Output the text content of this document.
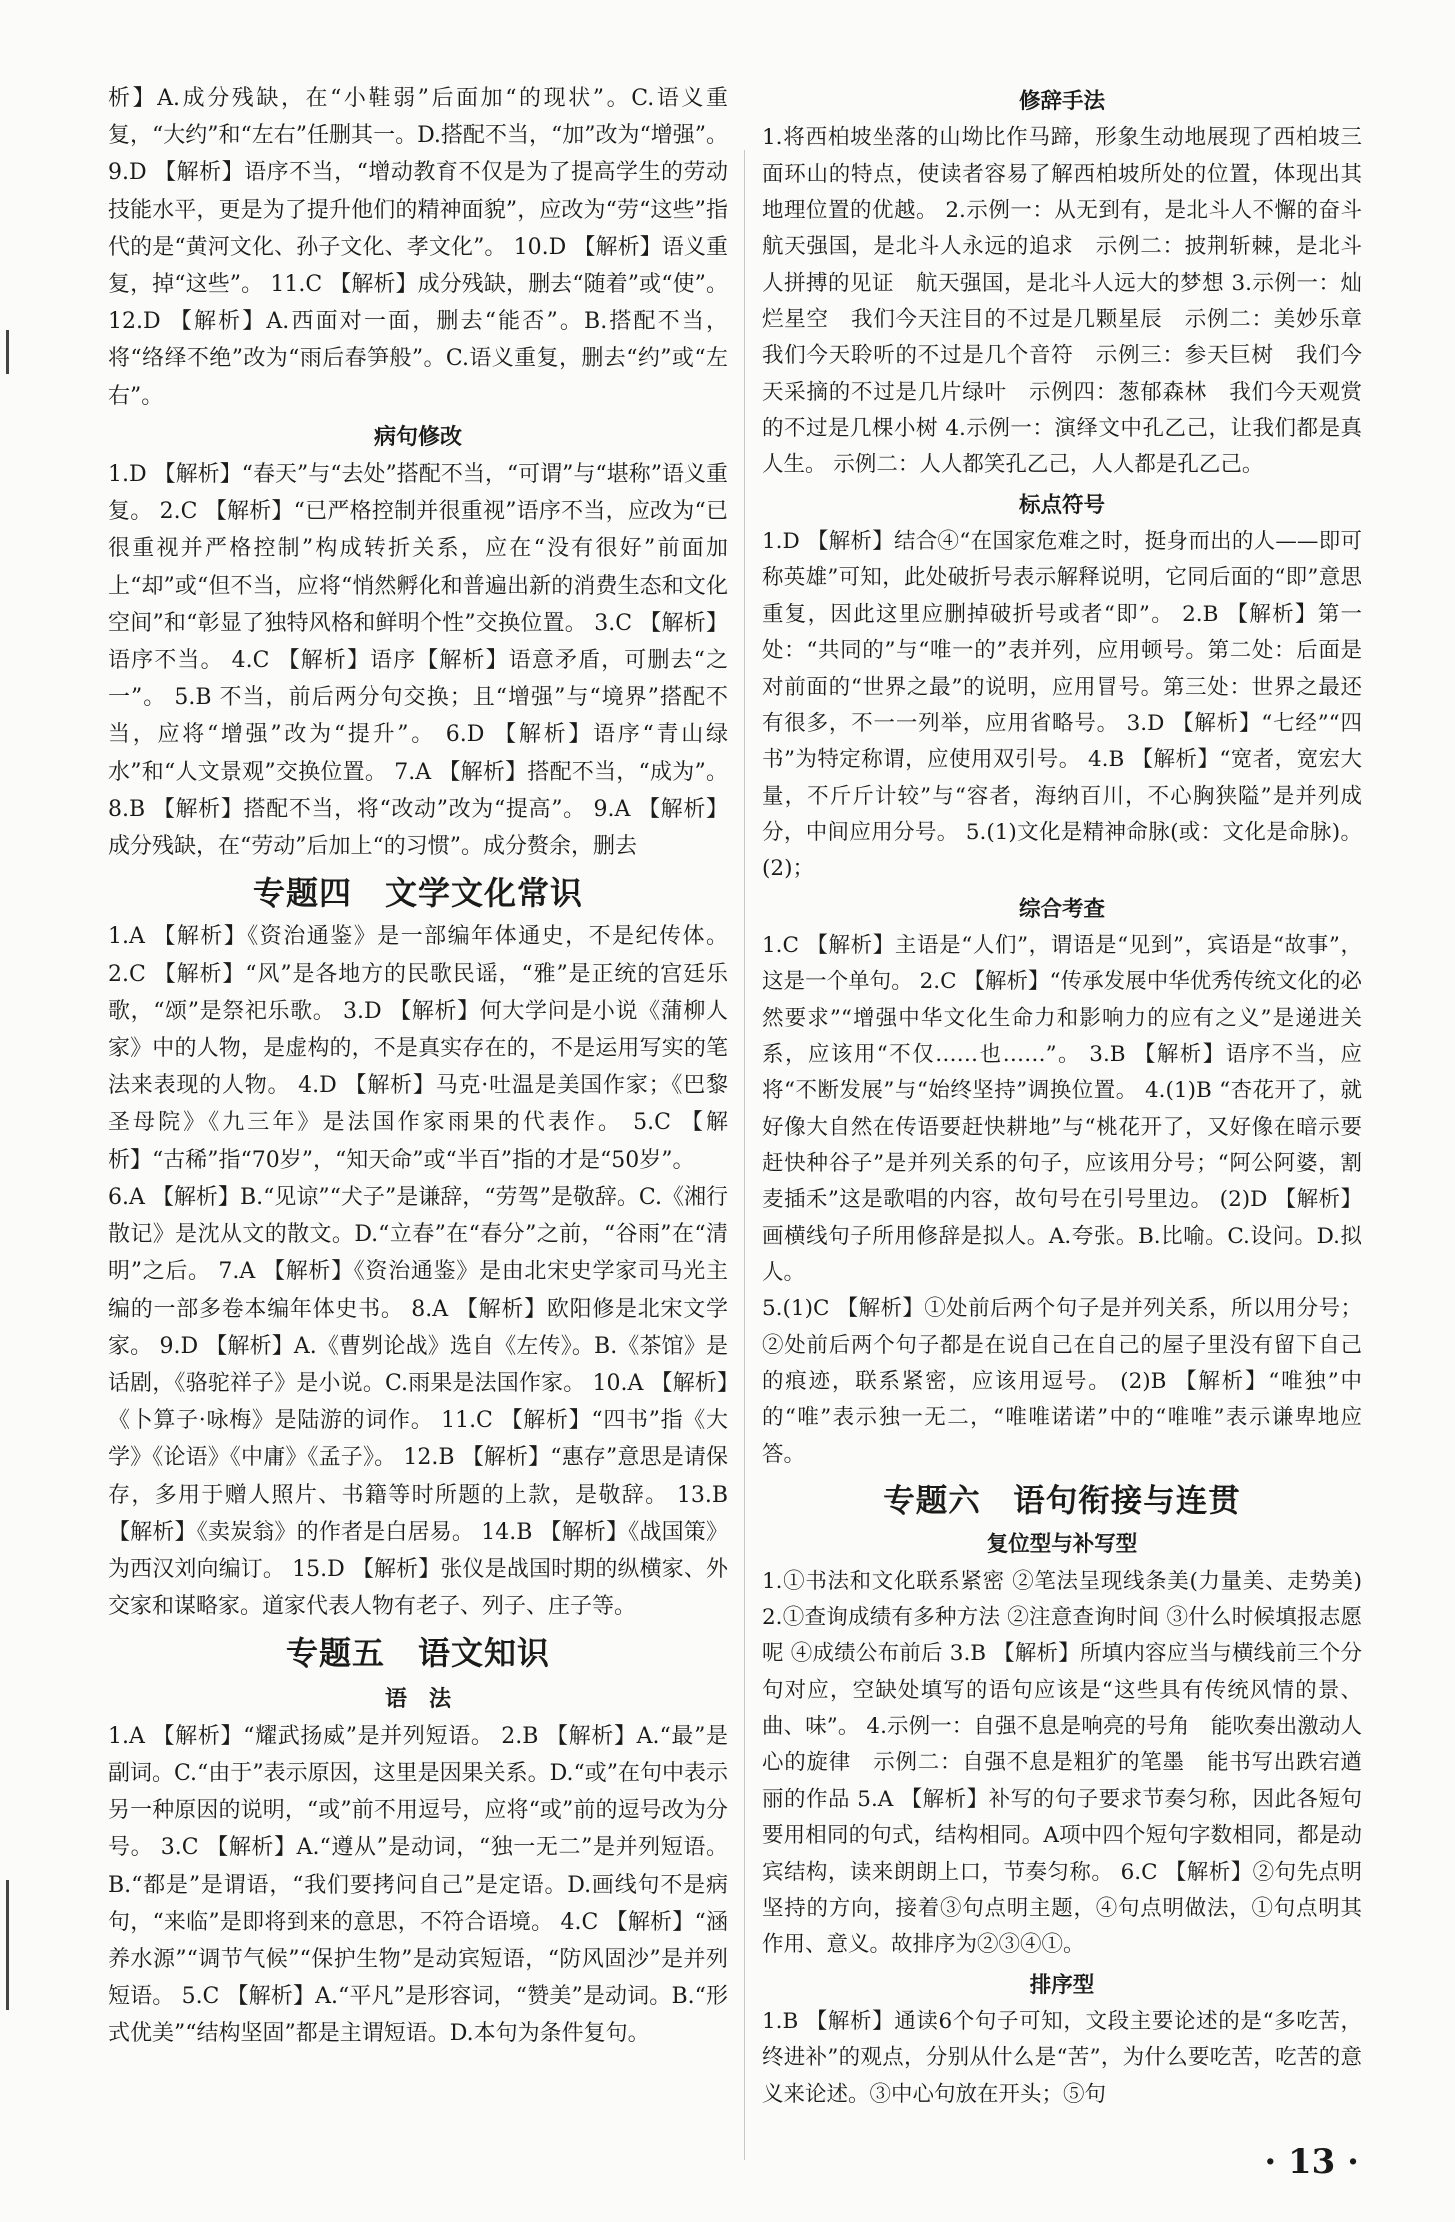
析】A.成分残缺，在“小鞋弱”后面加“的现状”。C.语义重复，“大约”和“左右”任删其一。D.搭配不当，“加”改为“增强”。 9.D 【解析】语序不当，“增动教育不仅是为了提高学生的劳动技能水平，更是为了提升他们的精神面貌”，应改为“劳“这些”指代的是“黄河文化、孙子文化、孝文化”。 10.D 【解析】语义重复，掉“这些”。 11.C 【解析】成分残缺，删去“随着”或“使”。 12.D 【解析】A.西面对一面，删去“能否”。B.搭配不当，将“络绎不绝”改为“雨后春笋般”。C.语义重复，删去“约”或“左右”。

病句修改

1.D 【解析】“春天”与“去处”搭配不当，“可谓”与“堪称”语义重复。 2.C 【解析】“已严格控制并很重视”语序不当，应改为“已很重视并严格控制”构成转折关系，应在“没有很好”前面加上“却”或“但不当，应将“悄然孵化和普遍出新的消费生态和文化空间”和“彰显了独特风格和鲜明个性”交换位置。 3.C 【解析】语序不当。 4.C 【解析】语序【解析】语意矛盾，可删去“之一”。 5.B 不当，前后两分句交换；且“增强”与“境界”搭配不当，应将“增强”改为“提升”。 6.D 【解析】语序“青山绿水”和“人文景观”交换位置。 7.A 【解析】搭配不当，“成为”。 8.B 【解析】搭配不当，将“改动”改为“提高”。 9.A 【解析】成分残缺，在“劳动”后加上“的习惯”。成分赘余，删去

专题四　文学文化常识

1.A 【解析】《资治通鉴》是一部编年体通史，不是纪传体。 2.C 【解析】“风”是各地方的民歌民谣，“雅”是正统的宫廷乐歌，“颂”是祭祀乐歌。 3.D 【解析】何大学问是小说《蒲柳人家》中的人物，是虚构的，不是真实存在的，不是运用写实的笔法来表现的人物。 4.D 【解析】马克·吐温是美国作家；《巴黎圣母院》《九三年》是法国作家雨果的代表作。 5.C 【解析】“古稀”指“70岁”，“知天命”或“半百”指的才是“50岁”。

6.A 【解析】B.“见谅”“犬子”是谦辞，“劳驾”是敬辞。C.《湘行散记》是沈从文的散文。D.“立春”在“春分”之前，“谷雨”在“清明”之后。 7.A 【解析】《资治通鉴》是由北宋史学家司马光主编的一部多卷本编年体史书。 8.A 【解析】欧阳修是北宋文学家。 9.D 【解析】A.《曹刿论战》选自《左传》。B.《茶馆》是话剧，《骆驼祥子》是小说。C.雨果是法国作家。 10.A 【解析】《卜算子·咏梅》是陆游的词作。 11.C 【解析】“四书”指《大学》《论语》《中庸》《孟子》。 12.B 【解析】“惠存”意思是请保存，多用于赠人照片、书籍等时所题的上款，是敬辞。 13.B 【解析】《卖炭翁》的作者是白居易。 14.B 【解析】《战国策》为西汉刘向编订。 15.D 【解析】张仪是战国时期的纵横家、外交家和谋略家。道家代表人物有老子、列子、庄子等。

专题五　语文知识
语　法

1.A 【解析】“耀武扬威”是并列短语。 2.B 【解析】A.“最”是副词。C.“由于”表示原因，这里是因果关系。D.“或”在句中表示另一种原因的说明，“或”前不用逗号，应将“或”前的逗号改为分号。 3.C 【解析】A.“遵从”是动词，“独一无二”是并列短语。B.“都是”是谓语，“我们要拷问自己”是定语。D.画线句不是病句，“来临”是即将到来的意思，不符合语境。 4.C 【解析】“涵养水源”“调节气候”“保护生物”是动宾短语，“防风固沙”是并列短语。 5.C 【解析】A.“平凡”是形容词，“赞美”是动词。B.“形式优美”“结构坚固”都是主谓短语。D.本句为条件复句。

修辞手法

1.将西柏坡坐落的山坳比作马蹄，形象生动地展现了西柏坡三面环山的特点，使读者容易了解西柏坡所处的位置，体现出其地理位置的优越。 2.示例一：从无到有，是北斗人不懈的奋斗　航天强国，是北斗人永远的追求　示例二：披荆斩棘，是北斗人拼搏的见证　航天强国，是北斗人远大的梦想 3.示例一：灿烂星空　我们今天注目的不过是几颗星辰　示例二：美妙乐章　我们今天聆听的不过是几个音符　示例三：参天巨树　我们今天采摘的不过是几片绿叶　示例四：葱郁森林　我们今天观赏的不过是几棵小树 4.示例一：演绎文中孔乙己，让我们都是真人生。 示例二：人人都笑孔乙己，人人都是孔乙己。

标点符号

1.D 【解析】结合④“在国家危难之时，挺身而出的人——即可称英雄”可知，此处破折号表示解释说明，它同后面的“即”意思重复，因此这里应删掉破折号或者“即”。 2.B 【解析】第一处：“共同的”与“唯一的”表并列，应用顿号。第二处：后面是对前面的“世界之最”的说明，应用冒号。第三处：世界之最还有很多，不一一列举，应用省略号。 3.D 【解析】“七经”“四书”为特定称谓，应使用双引号。 4.B 【解析】“宽者，宽宏大量，不斤斤计较”与“容者，海纳百川，不心胸狭隘”是并列成分，中间应用分号。 5.(1)文化是精神命脉(或：文化是命脉)。 (2)；

综合考查

1.C 【解析】主语是“人们”，谓语是“见到”，宾语是“故事”，这是一个单句。 2.C 【解析】“传承发展中华优秀传统文化的必然要求”“增强中华文化生命力和影响力的应有之义”是递进关系，应该用“不仅……也……”。 3.B 【解析】语序不当，应将“不断发展”与“始终坚持”调换位置。 4.(1)B “杏花开了，就好像大自然在传语要赶快耕地”与“桃花开了，又好像在暗示要赶快种谷子”是并列关系的句子，应该用分号；“阿公阿婆，割麦插禾”这是歌唱的内容，故句号在引号里边。 (2)D 【解析】画横线句子所用修辞是拟人。A.夸张。B.比喻。C.设问。D.拟人。

5.(1)C 【解析】①处前后两个句子是并列关系，所以用分号；②处前后两个句子都是在说自己在自己的屋子里没有留下自己的痕迹，联系紧密，应该用逗号。 (2)B 【解析】“唯独”中的“唯”表示独一无二，“唯唯诺诺”中的“唯唯”表示谦卑地应答。

专题六　语句衔接与连贯
复位型与补写型

1.①书法和文化联系紧密 ②笔法呈现线条美(力量美、走势美) 2.①查询成绩有多种方法 ②注意查询时间 ③什么时候填报志愿呢 ④成绩公布前后 3.B 【解析】所填内容应当与横线前三个分句对应，空缺处填写的语句应该是“这些具有传统风情的景、曲、味”。 4.示例一：自强不息是响亮的号角　能吹奏出激动人心的旋律　示例二：自强不息是粗犷的笔墨　能书写出跌宕遒丽的作品 5.A 【解析】补写的句子要求节奏匀称，因此各短句要用相同的句式，结构相同。A项中四个短句字数相同，都是动宾结构，读来朗朗上口，节奏匀称。 6.C 【解析】②句先点明坚持的方向，接着③句点明主题，④句点明做法，①句点明其作用、意义。故排序为②③④①。

排序型

1.B 【解析】通读6个句子可知，文段主要论述的是“多吃苦，终进补”的观点，分别从什么是“苦”，为什么要吃苦，吃苦的意义来论述。③中心句放在开头；⑤句

· 13 ·
